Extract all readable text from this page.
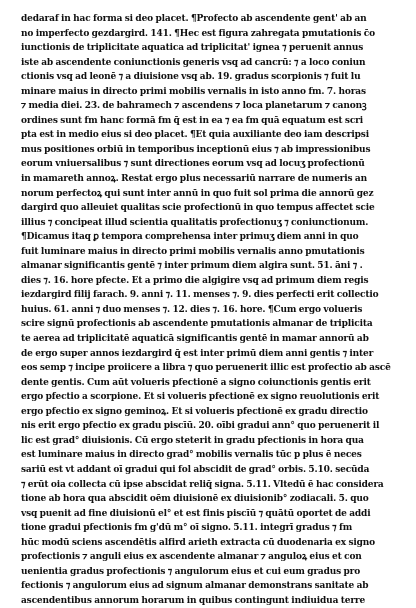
dedaraf in hac forma si deo placet. ¶Profecto ab ascendente gent' ab an
no imperfecto gezdargird. 141. ¶Hec est figura zahregata pmutationis c̄o
iunctionis de triplicitate aquatica ad triplicitat' ignea ⁊ peruenit annus
iste ab ascendente coniunctionis generis vsq ad cancrū: ⁊ a loco coniun
ctionis vsq ad leonē ⁊ a diuisione vsq ab. 19. gradus scorpionis ⁊ fuit lu
minare maius in directo primi mobilis vernalis in isto anno fm. 7. horas
⁊ media diei. 23. de bahramech ⁊ ascendens ⁊ loca planetarum ⁊ canonꝫ
ordines sunt fm hanc formā fm q̄ est in ea ⁊ ea fm quā equatum est scri
pta est in medio eius si deo placet. ¶Et quia auxiliante deo iam descripsi
mus positiones orbiū in temporibus inceptionū eius ⁊ ab impressionibus
eorum vniuersalibus ⁊ sunt directiones eorum vsq ad locuʒ profectionū
in mamareth annoꝝ. Restat ergo plus necessariū narrare de numeris an
norum perfectoꝝ qui sunt inter annū in quo fuit sol prima die annorū gez
dargird quo alleuiet qualitas scie profectionū in quo tempus affectet scie
illius ⁊ concipeat illud scientia qualitatis profectionuʒ ⁊ coniunctionum.
¶Dicamus itaq ꝑ tempora comprehensa inter primuʒ diem anni in quo
fuit luminare maius in directo primi mobilis vernalis anno pmutationis
almanar significantis gentē ⁊ inter primum diem algira sunt. 51. āni ⁊ .
dies ⁊. 16. hore pfecte. Et a primo die algigire vsq ad primum diem regis
iezdargird filij farach. 9. anni ⁊. 11. menses ⁊. 9. dies perfecti erit collectio
huius. 61. anni ⁊ duo menses ⁊. 12. dies ⁊. 16. hore. ¶Cum ergo volueris
scire signū profectionis ab ascendente pmutationis almanar de triplicita
te aerea ad triplicitatē aquaticā significantis gentē in mamar annorū ab
de ergo super annos iezdargird q̄ est inter primū diem anni gentis ⁊ inter
eos semp ⁊ incipe proiicere a libra ⁊ quo peruenerit illic est profectio ab ascē
dente gentis. Cum aūt volueris pfectionē a signo coiunctionis gentis erit
ergo pfectio a scorpione. Et si volueris pfectionē ex signo reuolutionis erit
ergo pfectio ex signo geminoꝝ. Et si volueris pfectionē ex gradu directio
nis erit ergo pfectio ex gradu piscīū. 20. oībi gradui ann° quo peruenerit il
lic est grad° diuisionis. Cū ergo steterit in gradu pfectionis in hora qua
est luminare maius in directo grad° mobilis vernalis tūc p plus ē neces
sariū est vt addant oī gradui qui fol abscidit de grad° orbis. 5.10. secūda
⁊ erūt oia collecta cū ipse abscidat reliq̄ signa. 5.11. Vltedū ē hac considera
tione ab hora qua abscidit oēm diuisionē ex diuisionib° zodiacali. 5. quo
vsq puenit ad fine diuisionū el° et est finis piscīū ⁊ quātū oportet de addi
tione gradui pfectionis fm g'dū m° oī signo. 5.11. integrī gradus ⁊ fm
hūc modū sciens ascendētis alfird arieth extracta cū duodenaria ex signo
profectionis ⁊ anguli eius ex ascendente almanar ⁊ anguloꝝ eius et con
uenientia gradus profectionis ⁊ angulorum eius et cui eum gradus pro
fectionis ⁊ angulorum eius ad signum almanar demonstrans sanitate ab
ascendentibus annorum horarum in quibus contingunt indiuidua terre
